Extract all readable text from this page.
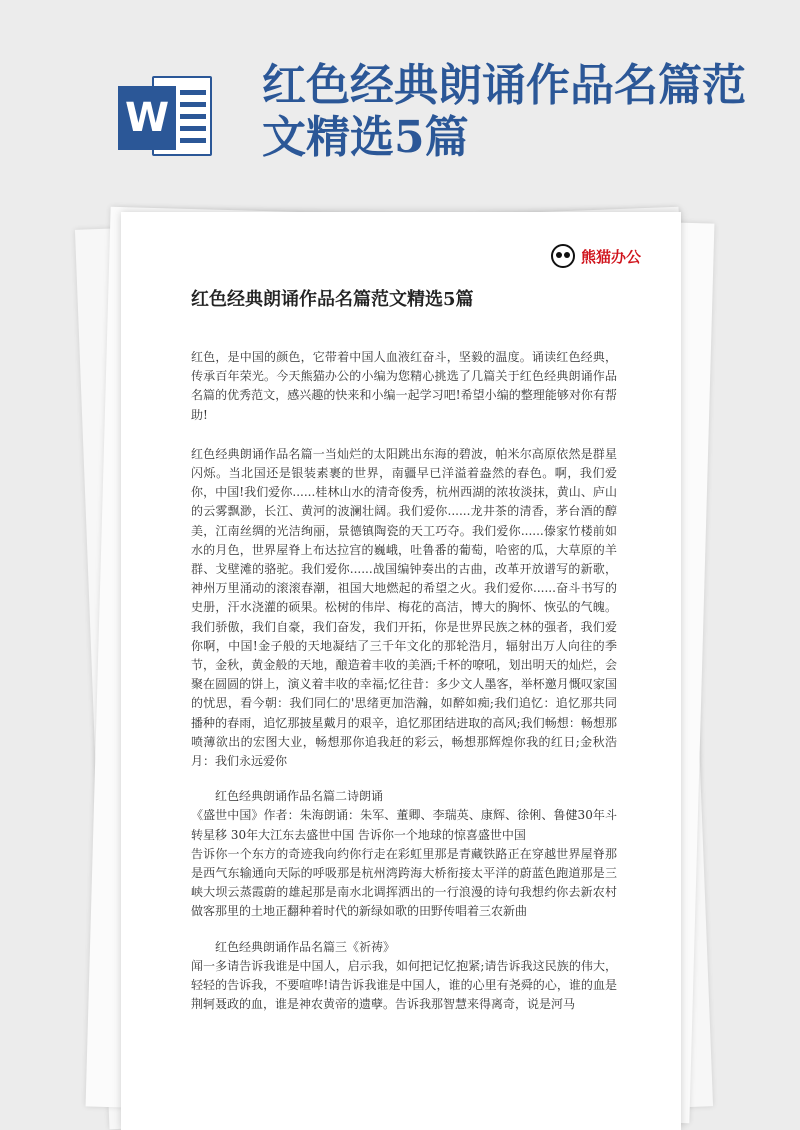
W
红色经典朗诵作品名篇范文精选5篇
熊猫办公
红色经典朗诵作品名篇范文精选5篇

红色，是中国的颜色，它带着中国人血液红奋斗，坚毅的温度。诵读红色经典，传承百年荣光。今天熊猫办公的小编为您精心挑选了几篇关于红色经典朗诵作品名篇的优秀范文，感兴趣的快来和小编一起学习吧!希望小编的整理能够对你有帮助!

红色经典朗诵作品名篇一当灿烂的太阳跳出东海的碧波，帕米尔高原依然是群星闪烁。当北国还是银装素裹的世界，南疆早已洋溢着盎然的春色。啊，我们爱你，中国!我们爱你......桂林山水的清奇俊秀，杭州西湖的浓妆淡抹，黄山、庐山的云雾飘渺，长江、黄河的波澜壮阔。我们爱你......龙井茶的清香，茅台酒的醇美，江南丝绸的光洁绚丽，景德镇陶瓷的天工巧夺。我们爱你......傣家竹楼前如水的月色，世界屋脊上布达拉宫的巍峨，吐鲁番的葡萄，哈密的瓜，大草原的羊群、戈壁滩的骆驼。我们爱你......战国编钟奏出的古曲，改革开放谱写的新歌，神州万里涌动的滚滚春潮，祖国大地燃起的希望之火。我们爱你......奋斗书写的史册，汗水浇灌的硕果。松树的伟岸、梅花的高洁，博大的胸怀、恢弘的气魄。我们骄傲，我们自豪，我们奋发，我们开拓，你是世界民族之林的强者，我们爱你啊，中国!金子般的天地凝结了三千年文化的那轮浩月，辐射出万人向往的季节，金秋，黄金般的天地，酿造着丰收的美酒;千杯的嘹吼，划出明天的灿烂，会聚在圆圆的饼上，演义着丰收的幸福;忆往昔：多少文人墨客，举杯邀月慨叹家国的忧思，看今朝：我们同仁的'思绪更加浩瀚，如醉如痴;我们追忆：追忆那共同播种的春雨，追忆那披星戴月的艰辛，追忆那团结进取的高风;我们畅想：畅想那喷薄欲出的宏图大业，畅想那你追我赶的彩云，畅想那辉煌你我的红日;金秋浩月：我们永远爱你

红色经典朗诵作品名篇二诗朗诵

《盛世中国》作者：朱海朗诵：朱军、董卿、李瑞英、康辉、徐俐、鲁健30年斗转星移 30年大江东去盛世中国 告诉你一个地球的惊喜盛世中国

告诉你一个东方的奇迹我向约你行走在彩虹里那是青藏铁路正在穿越世界屋脊那是西气东输通向天际的呼吸那是杭州湾跨海大桥衔接太平洋的蔚蓝色跑道那是三峡大坝云蒸霞蔚的雄起那是南水北调挥洒出的一行浪漫的诗句我想约你去新农村做客那里的土地正翻种着时代的新绿如歌的田野传唱着三农新曲

红色经典朗诵作品名篇三《祈祷》

闻一多请告诉我谁是中国人，启示我，如何把记忆抱紧;请告诉我这民族的伟大，轻轻的告诉我，不要喧哗!请告诉我谁是中国人，谁的心里有尧舜的心，谁的血是荆轲聂政的血，谁是神农黄帝的遗孽。告诉我那智慧来得离奇，说是河马
